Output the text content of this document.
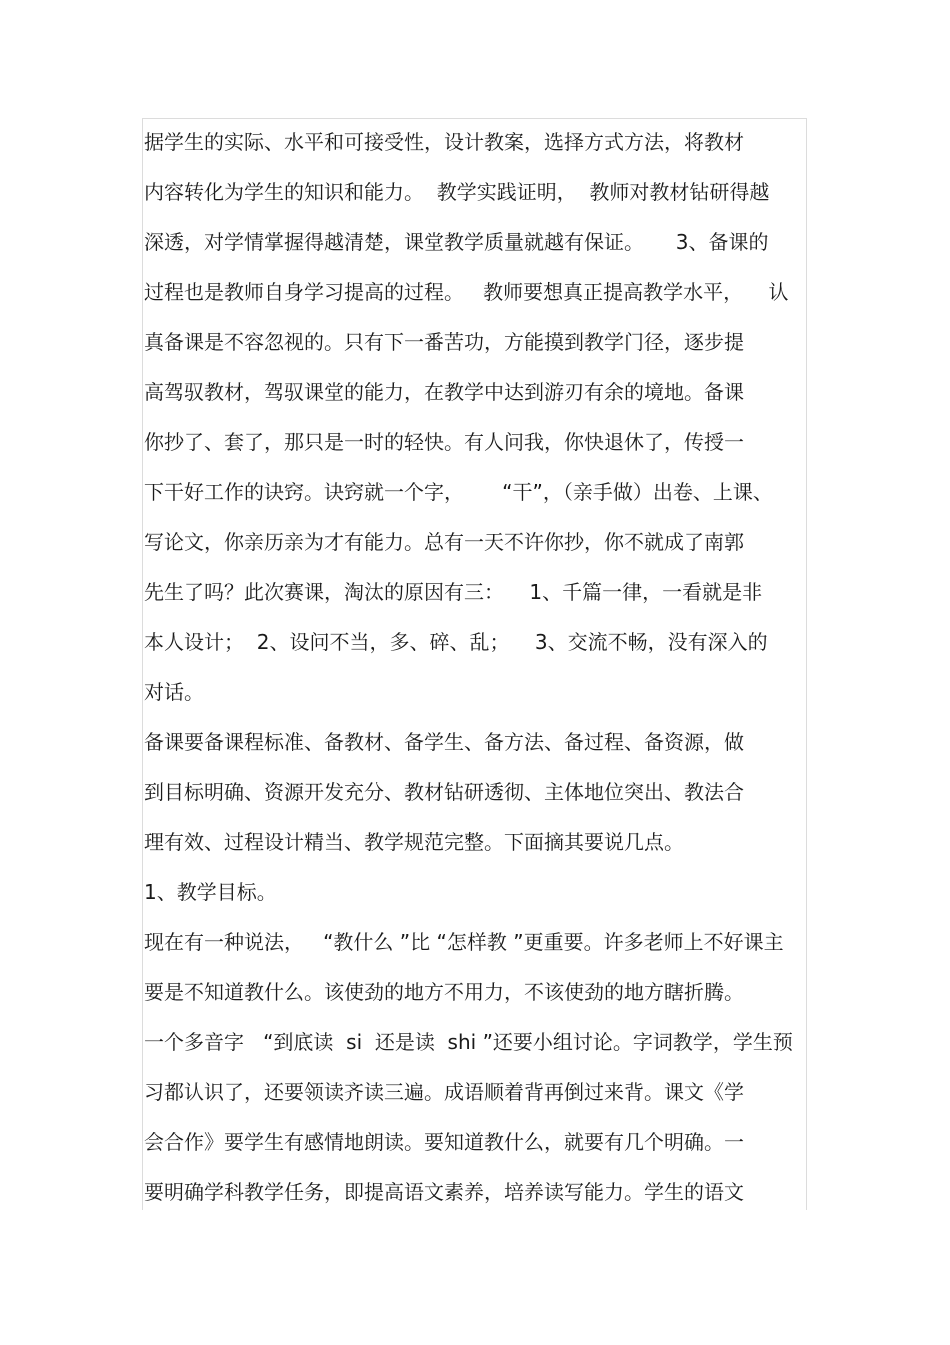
据学生的实际、水平和可接受性，设计教案，选择方式方法，将教材
内容转化为学生的知识和能力。  教学实践证明，  教师对教材钻研得越
深透，对学情掌握得越清楚，课堂教学质量就越有保证。     3、备课的
过程也是教师自身学习提高的过程。   教师要想真正提高教学水平，    认
真备课是不容忽视的。只有下一番苦功，方能摸到教学门径，逐步提
高驾驭教材，驾驭课堂的能力，在教学中达到游刃有余的境地。备课
你抄了、套了，那只是一时的轻快。有人问我，你快退休了，传授一
下干好工作的诀窍。诀窍就一个字，      “干”，（亲手做）出卷、上课、
写论文，你亲历亲为才有能力。总有一天不许你抄，你不就成了南郭
先生了吗？此次赛课，淘汰的原因有三：    1、千篇一律，一看就是非
本人设计；  2、设问不当，多、碎、乱；    3、交流不畅，没有深入的
对话。
备课要备课程标准、备教材、备学生、备方法、备过程、备资源，做
到目标明确、资源开发充分、教材钻研透彻、主体地位突出、教法合
理有效、过程设计精当、教学规范完整。下面摘其要说几点。
1、教学目标。
现在有一种说法，   “教什么 ”比 “怎样教 ”更重要。许多老师上不好课主
要是不知道教什么。该使劲的地方不用力，不该使劲的地方瞎折腾。
一个多音字   “到底读  si  还是读  shi ”还要小组讨论。字词教学，学生预
习都认识了，还要领读齐读三遍。成语顺着背再倒过来背。课文《学
会合作》要学生有感情地朗读。要知道教什么，就要有几个明确。一
要明确学科教学任务，即提高语文素养，培养读写能力。学生的语文
